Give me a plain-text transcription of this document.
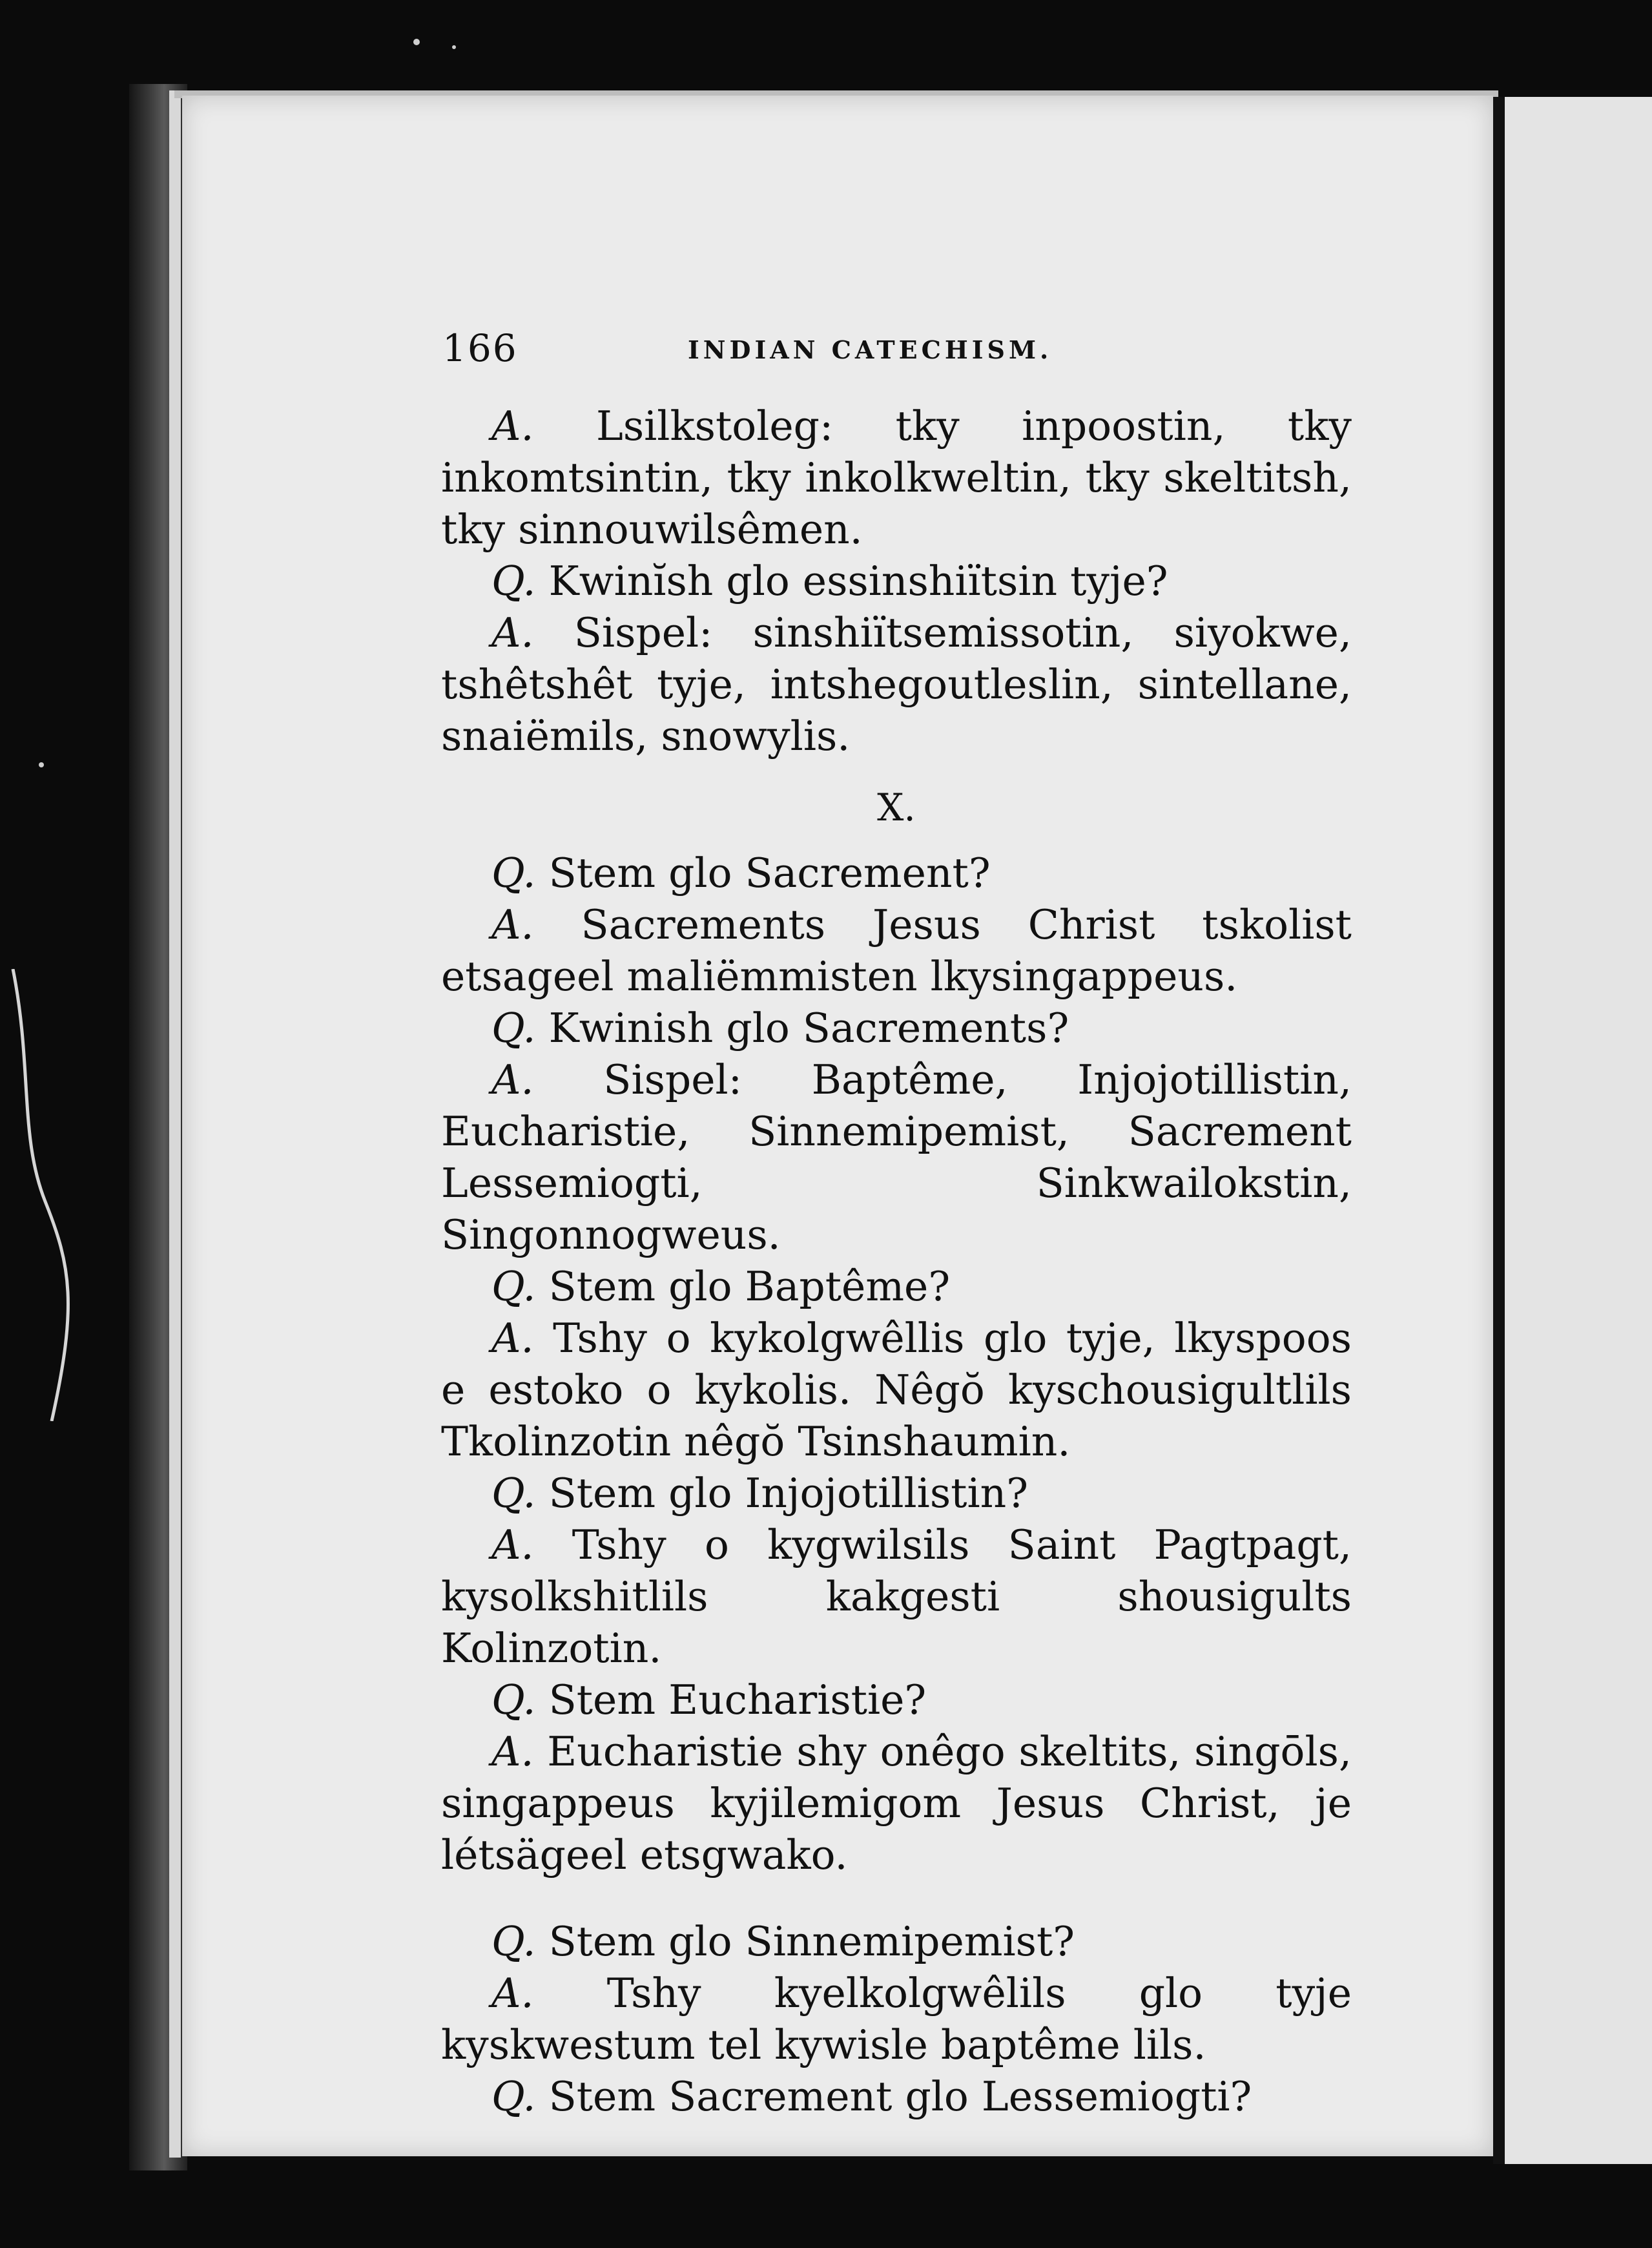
166	INDIAN CATECHISM.

A. Lsilkstoleg: tky inpoostin, tky inkomtsintin, tky inkolkweltin, tky skeltitsh, tky sinnouwilsêmen.

Q. Kwinĭsh glo essinshiïtsin tyje?

A. Sispel: sinshiïtsemissotin, siyokwe, tshêtshêt tyje, intshegoutleslin, sintellane, snaiëmils, snowylis.

X.

Q. Stem glo Sacrement?

A. Sacrements Jesus Christ tskolist etsageel maliëmmisten lkysingappeus.

Q. Kwinish glo Sacrements?

A. Sispel: Baptême, Injojotillistin, Eucharistie, Sinnemipemist, Sacrement Lessemiogti, Sinkwailokstin, Singonnogweus.

Q. Stem glo Baptême?

A. Tshy o kykolgwêllis glo tyje, lkyspoos e estoko o kykolis. Nêgŏ kyschousigultlils Tkolinzotin nêgŏ Tsinshaumin.

Q. Stem glo Injojotillistin?

A. Tshy o kygwilsils Saint Pagtpagt, kysolkshitlils kakgesti shousigults Kolinzotin.

Q. Stem Eucharistie?

A. Eucharistie shy onêgo skeltits, singōls, singappeus kyjilemigom Jesus Christ, je létsägeel etsgwako.

Q. Stem glo Sinnemipemist?

A. Tshy kyelkolgwêlils glo tyje kyskwestum tel kywisle baptême lils.

Q. Stem Sacrement glo Lessemiogti?
